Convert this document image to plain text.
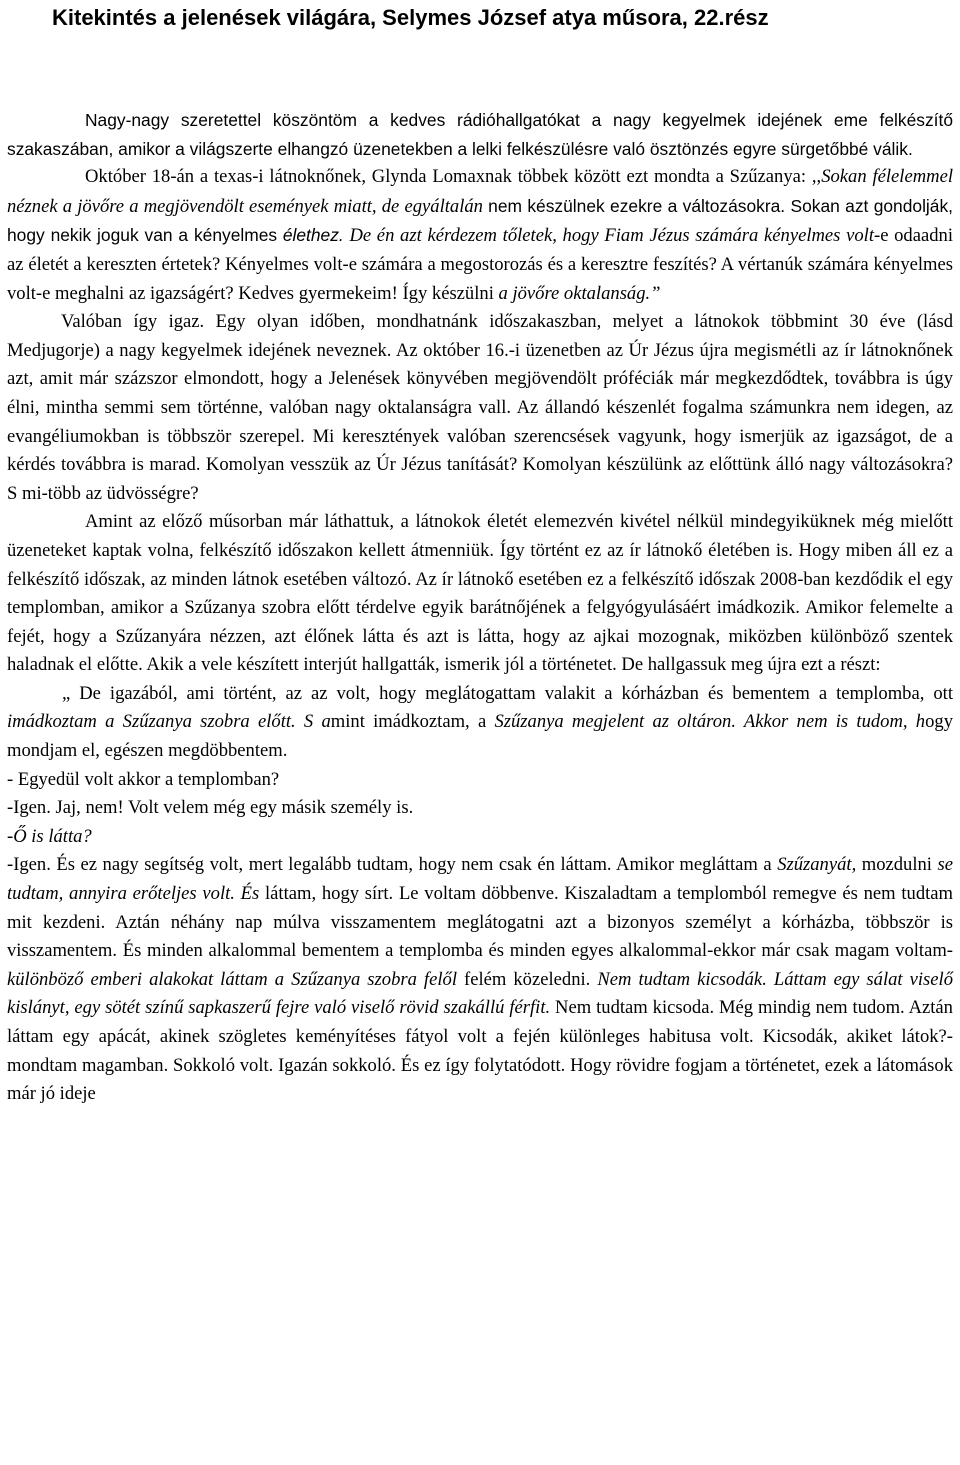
Kitekintés a jelenések világára, Selymes József atya műsora, 22.rész

Nagy-nagy szeretettel köszöntöm a kedves rádióhallgatókat a nagy kegyelmek idejének eme felkészítő szakaszában, amikor a világszerte elhangzó üzenetekben a lelki felkészülésre való ösztönzés egyre sürgetőbbé válik.

Október 18-án a texas-i látnoknőnek, Glynda Lomaxnak többek között ezt mondta a Szűzanya: ,,Sokan félelemmel néznek a jövőre a megjövendölt események miatt, de egyáltalán nem készülnek ezekre a változásokra. Sokan azt gondolják, hogy nekik joguk van a kényelmes élethez. De én azt kérdezem tőletek, hogy Fiam Jézus számára kényelmes volt-e odaadni az életét a kereszten értetek? Kényelmes volt-e számára a megostorozás és a keresztre feszítés? A vértanúk számára kényelmes volt-e meghalni az igazságért? Kedves gyermekeim! Így készülni a jövőre oktalanság.”

Valóban így igaz. Egy olyan időben, mondhatnánk időszakaszban, melyet a látnokok többmint 30 éve (lásd Medjugorje) a nagy kegyelmek idejének neveznek. Az október 16.-i üzenetben az Úr Jézus újra megismétli az ír látnoknőnek azt, amit már százszor elmondott, hogy a Jelenések könyvében megjövendölt próféciák már megkezdődtek, továbbra is úgy élni, mintha semmi sem történne, valóban nagy oktalanságra vall. Az állandó készenlét fogalma számunkra nem idegen, az evangéliumokban is többször szerepel. Mi keresztények valóban szerencsések vagyunk, hogy ismerjük az igazságot, de a kérdés továbbra is marad. Komolyan vesszük az Úr Jézus tanítását? Komolyan készülünk az előttünk álló nagy változásokra? S mi-több az üdvösségre?

Amint az előző műsorban már láthattuk, a látnokok életét elemezvén kivétel nélkül mindegyiküknek még mielőtt üzeneteket kaptak volna, felkészítő időszakon kellett átmenniük. Így történt ez az ír látnokő életében is. Hogy miben áll ez a felkészítő időszak, az minden látnok esetében változó. Az ír látnokő esetében ez a felkészítő időszak 2008-ban kezdődik el egy templomban, amikor a Szűzanya szobra előtt térdelve egyik barátnőjének a felgyógyulásáért imádkozik. Amikor felemelte a fejét, hogy a Szűzanyára nézzen, azt élőnek látta és azt is látta, hogy az ajkai mozognak, miközben különböző szentek haladnak el előtte. Akik a vele készített interjút hallgatták, ismerik jól a történetet. De hallgassuk meg újra ezt a részt:

„ De igazából, ami történt, az az volt, hogy meglátogattam valakit a kórházban és bementem a templomba, ott imádkoztam a Szűzanya szobra előtt. S amint imádkoztam, a Szűzanya megjelent az oltáron. Akkor nem is tudom, hogy mondjam el, egészen megdöbbentem.

- Egyedül volt akkor a templomban?

-Igen. Jaj, nem! Volt velem még egy másik személy is.

-Ő is látta?

-Igen. És ez nagy segítség volt, mert legalább tudtam, hogy nem csak én láttam. Amikor megláttam a Szűzanyát, mozdulni se tudtam, annyira erőteljes volt. És láttam, hogy sírt. Le voltam döbbenve. Kiszaladtam a templomból remegve és nem tudtam mit kezdeni. Aztán néhány nap múlva visszamentem meglátogatni azt a bizonyos személyt a kórházba, többször is visszamentem. És minden alkalommal bementem a templomba és minden egyes alkalommal-ekkor már csak magam voltam- különböző emberi alakokat láttam a Szűzanya szobra felől felém közeledni. Nem tudtam kicsodák. Láttam egy sálat viselő kislányt, egy sötét színű sapkaszerű fejre való viselő rövid szakállú férfit. Nem tudtam kicsoda. Még mindig nem tudom. Aztán láttam egy apácát, akinek szögletes keményítéses fátyol volt a fején különleges habitusa volt. Kicsodák, akiket látok?- mondtam magamban. Sokkoló volt. Igazán sokkoló. És ez így folytatódott. Hogy rövidre fogjam a történetet, ezek a látomások már jó ideje
